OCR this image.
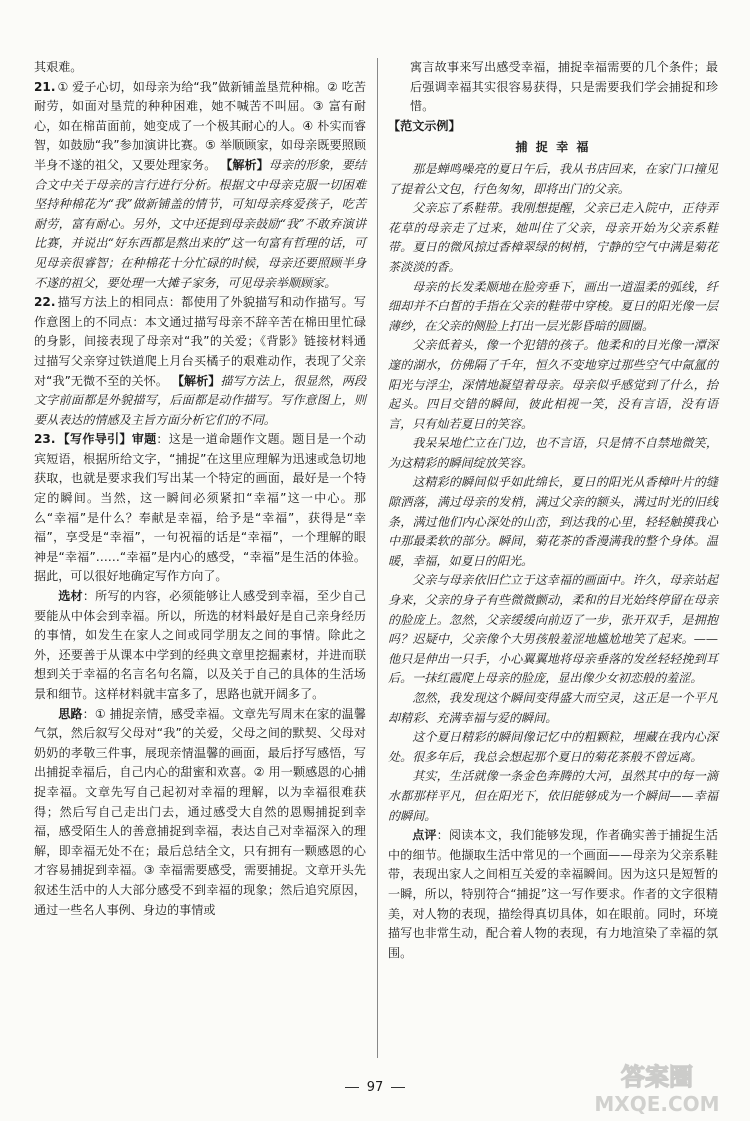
其艰难。

21. ① 爱子心切，如母亲为给“我”做新铺盖垦荒种棉。② 吃苦耐劳，如面对垦荒的种种困难，她不喊苦不叫屈。③ 富有耐心，如在棉苗面前，她变成了一个极其耐心的人。④ 朴实而睿智，如鼓励“我”参加演讲比赛。⑤ 举顺顾家，如母亲既要照顾半身不遂的祖父，又要处理家务。 【解析】母亲的形象，要结合文中关于母亲的言行进行分析。根据文中母亲克服一切困难坚持种棉花为“我”做新铺盖的情节，可知母亲疼爱孩子，吃苦耐劳，富有耐心。另外，文中还提到母亲鼓励“我”不敢弃演讲比赛，并说出“好东西都是熬出来的”这一句富有哲理的话，可见母亲很睿智；在种棉花十分忙碌的时候，母亲还要照顾半身不遂的祖父，要处理一大摊子家务，可见母亲举顺顾家。

22. 描写方法上的相同点：都使用了外貌描写和动作描写。写作意图上的不同点：本文通过描写母亲不辞辛苦在棉田里忙碌的身影，间接表现了母亲对“我”的关爱；《背影》链接材料通过描写父亲穿过铁道爬上月台买橘子的艰难动作，表现了父亲对“我”无微不至的关怀。 【解析】描写方法上，很显然，两段文字前面都是外貌描写，后面都是动作描写。写作意图上，则要从表达的情感及主旨方面分析它们的不同。

23. 【写作导引】审题：这是一道命题作文题。题目是一个动宾短语，根据所给文字，“捕捉”在这里应理解为迅速或急切地获取，也就是要求我们写出某一个特定的画面，最好是一个特定的瞬间。当然，这一瞬间必须紧扣“幸福”这一中心。那么“幸福”是什么？奉献是幸福，给予是“幸福”，获得是“幸福”，享受是“幸福”，一句祝福的话是“幸福”，一个理解的眼神是“幸福”……“幸福”是内心的感受，“幸福”是生活的体验。据此，可以很好地确定写作方向了。

选材：所写的内容，必须能够让人感受到幸福，至少自己要能从中体会到幸福。所以，所选的材料最好是自己亲身经历的事情，如发生在家人之间或同学朋友之间的事情。除此之外，还要善于从课本中学到的经典文章里挖掘素材，并进而联想到关于幸福的名言名句名篇，以及关于自己的具体的生活场景和细节。这样材料就丰富多了，思路也就开阔多了。

思路：① 捕捉亲情，感受幸福。文章先写周末在家的温馨气氛，然后叙写父母对“我”的关爱，父母之间的默契、父母对奶奶的孝敬三件事，展现亲情温馨的画面，最后抒写感悟，写出捕捉幸福后，自己内心的甜蜜和欢喜。② 用一颗感恩的心捕捉幸福。文章先写自己起初对幸福的理解，以为幸福很难获得；然后写自己走出门去，通过感受大自然的恩赐捕捉到幸福，感受陌生人的善意捕捉到幸福，表达自己对幸福深入的理解，即幸福无处不在；最后总结全文，只有拥有一颗感恩的心才容易捕捉到幸福。③ 幸福需要感受，需要捕捉。文章开头先叙述生活中的人大部分感受不到幸福的现象；然后追究原因，通过一些名人事例、身边的事情或

寓言故事来写出感受幸福，捕捉幸福需要的几个条件；最后强调幸福其实很容易获得，只是需要我们学会捕捉和珍惜。

【范文示例】

捕 捉 幸 福

那是蝉鸣噪亮的夏日午后，我从书店回来，在家门口撞见了提着公文包，行色匆匆，即将出门的父亲。

父亲忘了系鞋带。我刚想提醒，父亲已走入院中，正待弄花草的母亲走了过来，她叫住了父亲，母亲开始为父亲系鞋带。夏日的微风掠过香樟翠绿的树梢，宁静的空气中满是菊花茶淡淡的香。

母亲的长发柔顺地在脸旁垂下，画出一道温柔的弧线，纤细却并不白皙的手指在父亲的鞋带中穿梭。夏日的阳光像一层薄纱，在父亲的侧脸上打出一层光影昏暗的圆圈。

父亲低着头，像一个犯错的孩子。他柔和的目光像一潭深邃的湖水，仿佛隔了千年，恒久不变地穿过那些空气中氤氲的阳光与浮尘，深情地凝望着母亲。母亲似乎感觉到了什么，抬起头。四目交错的瞬间，彼此相视一笑，没有言语，没有语言，只有灿若夏日的笑容。

我呆呆地伫立在门边，也不言语，只是情不自禁地微笑，为这精彩的瞬间绽放笑容。

这精彩的瞬间似乎如此绵长，夏日的阳光从香樟叶片的缝隙洒落，满过母亲的发梢，满过父亲的额头，满过时光的旧线条，满过他们内心深处的山峦，到达我的心里，轻轻触摸我心中那最柔软的部分。瞬间，菊花茶的香漫满我的整个身体。温暖，幸福，如夏日的阳光。

父亲与母亲依旧伫立于这幸福的画面中。许久，母亲站起身来，父亲的身子有些微微颤动，柔和的目光始终停留在母亲的脸庞上。忽然，父亲缓缓向前迈了一步，张开双手，是拥抱吗？迟疑中，父亲像个大男孩般羞涩地尴尬地笑了起来。——他只是伸出一只手，小心翼翼地将母亲垂落的发丝轻轻挽到耳后。一抹红霞爬上母亲的脸庞，显出像少女初恋般的羞涩。

忽然，我发现这个瞬间变得盛大而空灵，这正是一个平凡却精彩、充满幸福与爱的瞬间。

这个夏日精彩的瞬间像记忆中的粗颗粒，埋藏在我内心深处。很多年后，我总会想起那个夏日的菊花茶般不曾远离。

其实，生活就像一条金色奔腾的大河，虽然其中的每一滴水都那样平凡，但在阳光下，依旧能够成为一个瞬间——幸福的瞬间。

点评：阅读本文，我们能够发现，作者确实善于捕捉生活中的细节。他撷取生活中常见的一个画面——母亲为父亲系鞋带，表现出家人之间相互关爱的幸福瞬间。因为这只是短暂的一瞬，所以，特别符合“捕捉”这一写作要求。作者的文字很精美，对人物的表现，描绘得真切具体，如在眼前。同时，环境描写也非常生动，配合着人物的表现，有力地渲染了幸福的氛围。

97	答案圈
MXQE.COM
